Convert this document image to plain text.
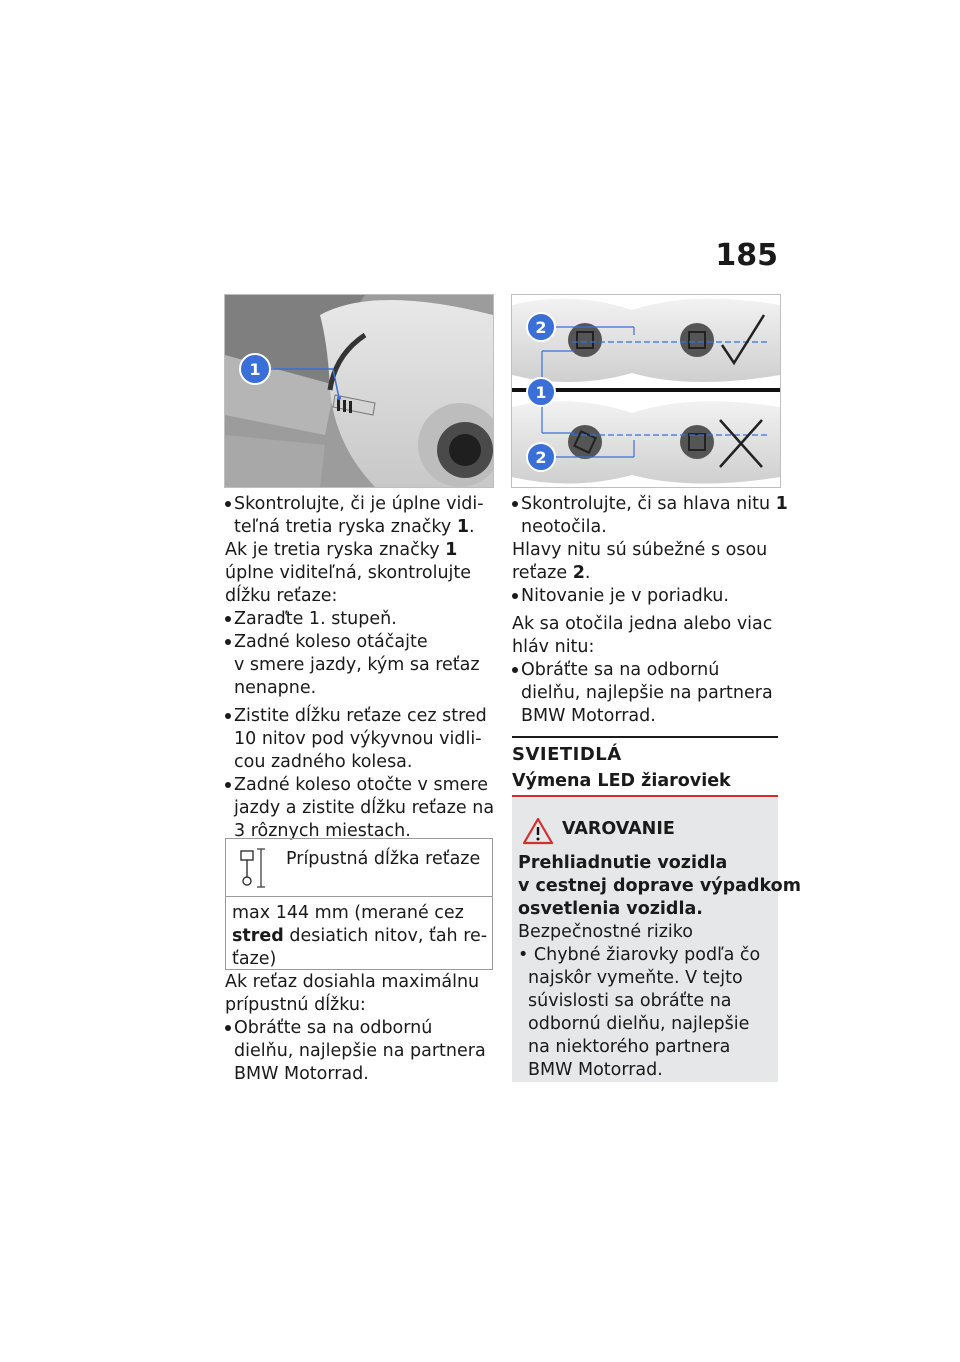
185
1
2
1
2
Skontrolujte, či je úplne vidi-
teľná tretia ryska značky 1.
Ak je tretia ryska značky 1
úplne viditeľná, skontrolujte
dĺžku reťaze:
Zaraďte 1. stupeň.
Zadné koleso otáčajte
v smere jazdy, kým sa reťaz
nenapne.
Zistite dĺžku reťaze cez stred
10 nitov pod výkyvnou vidli-
cou zadného kolesa.
Zadné koleso otočte v smere
jazdy a zistite dĺžku reťaze na
3 rôznych miestach.
Prípustná dĺžka reťaze
max 144 mm (merané cez
stred desiatich nitov, ťah re-
ťaze)
Ak reťaz dosiahla maximálnu
prípustnú dĺžku:
Obráťte sa na odbornú
dielňu, najlepšie na partnera
BMW Motorrad.
Skontrolujte, či sa hlava nitu 1
neotočila.
Hlavy nitu sú súbežné s osou
reťaze 2.
Nitovanie je v poriadku.
Ak sa otočila jedna alebo viac
hláv nitu:
Obráťte sa na odbornú
dielňu, najlepšie na partnera
BMW Motorrad.
SVIETIDLÁ
Výmena LED žiaroviek
VAROVANIE
Prehliadnutie vozidla
v cestnej doprave výpadkom
osvetlenia vozidla.
Bezpečnostné riziko
• Chybné žiarovky podľa čo
najskôr vymeňte. V tejto
súvislosti sa obráťte na
odbornú dielňu, najlepšie
na niektorého partnera
BMW Motorrad.
